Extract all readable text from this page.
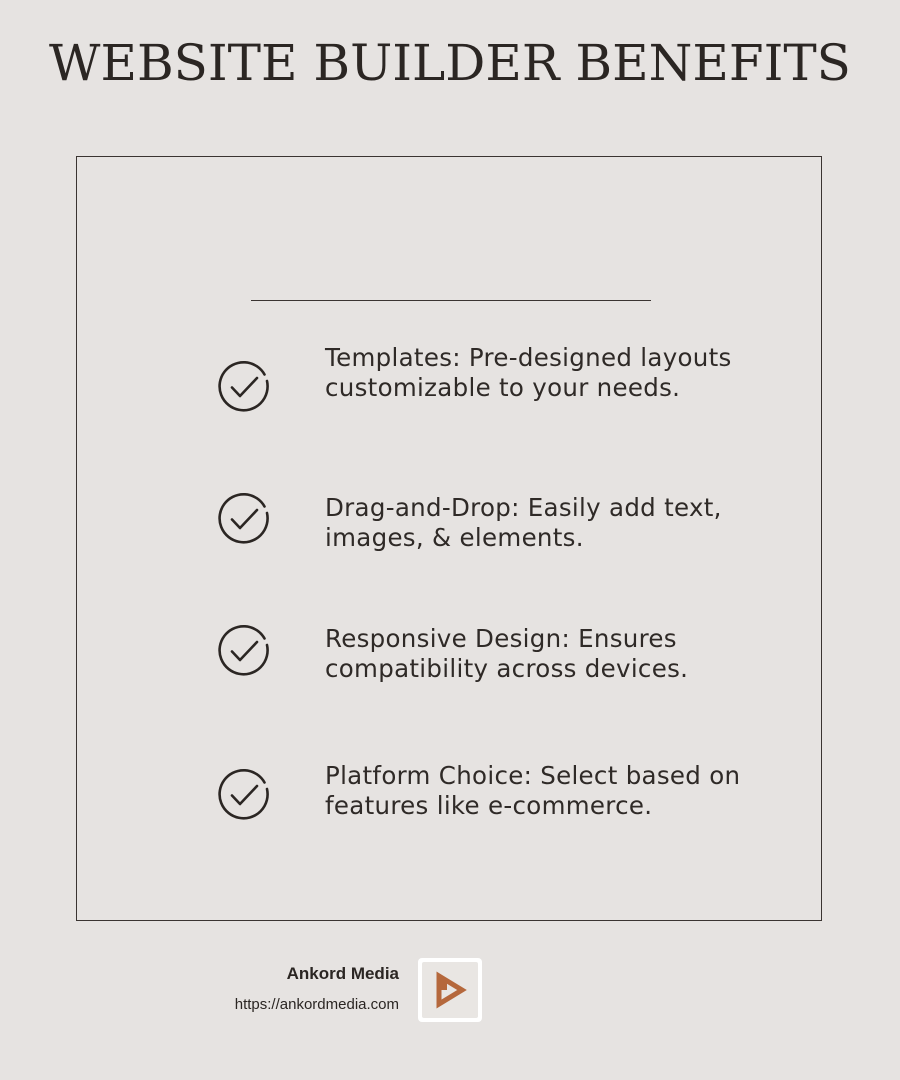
WEBSITE BUILDER BENEFITS
Templates: Pre-designed layouts customizable to your needs.
Drag-and-Drop: Easily add text, images, & elements.
Responsive Design: Ensures compatibility across devices.
Platform Choice: Select based on features like e-commerce.
Ankord Media
https://ankordmedia.com
